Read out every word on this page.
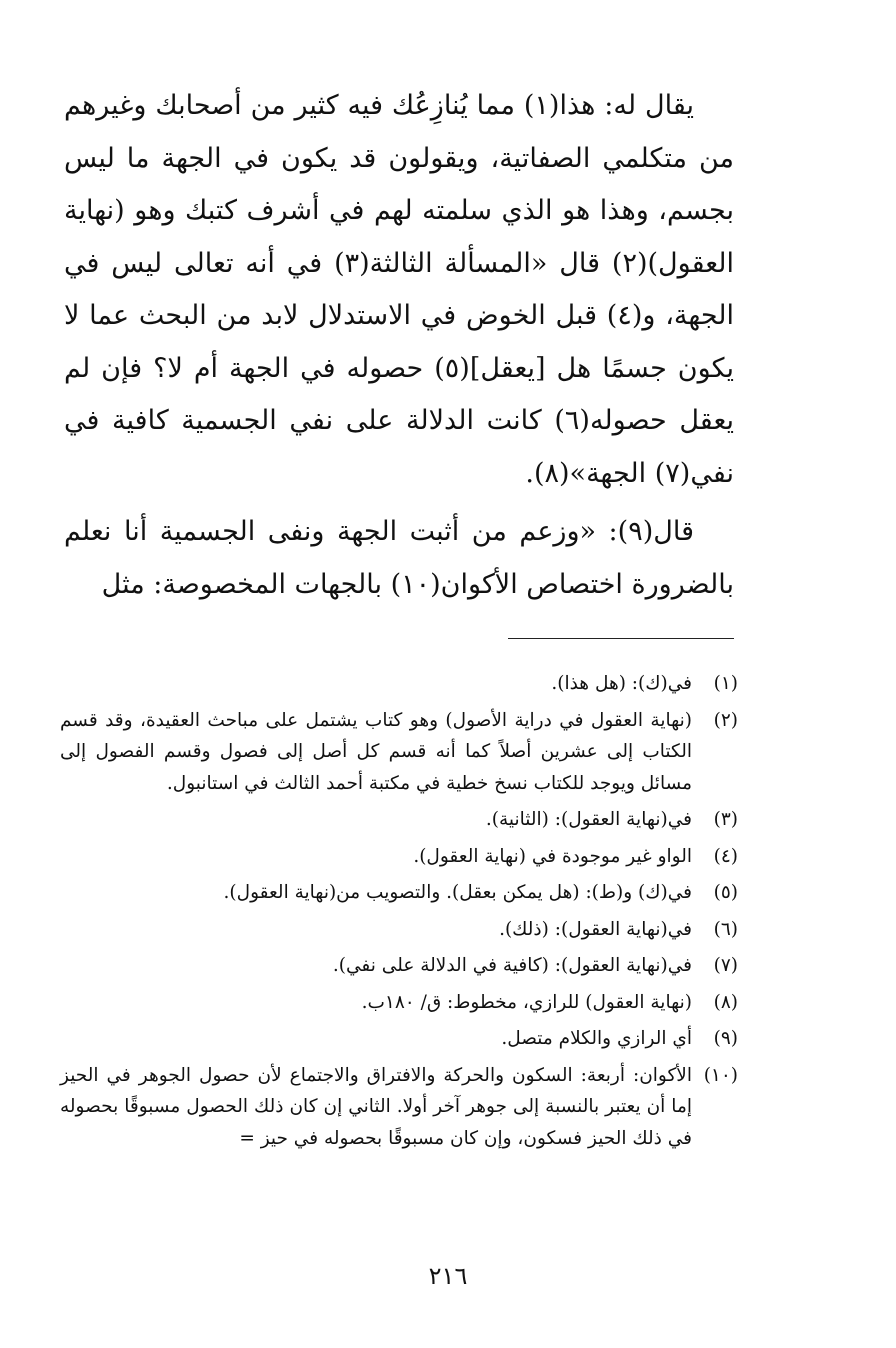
يقال له: هذا(١) مما يُنازِعُك فيه كثير من أصحابك وغيرهم من متكلمي الصفاتية، ويقولون قد يكون في الجهة ما ليس بجسم، وهذا هو الذي سلمته لهم في أشرف كتبك وهو (نهاية العقول)(٢) قال «المسألة الثالثة(٣) في أنه تعالى ليس في الجهة، و(٤) قبل الخوض في الاستدلال لابد من البحث عما لا يكون جسمًا هل [يعقل](٥) حصوله في الجهة أم لا؟ فإن لم يعقل حصوله(٦) كانت الدلالة على نفي الجسمية كافية في نفي(٧) الجهة»(٨).

قال(٩): «وزعم من أثبت الجهة ونفى الجسمية أنا نعلم بالضرورة اختصاص الأكوان(١٠) بالجهات المخصوصة: مثل

(١)
في(ك): (هل هذا).
(٢)
(نهاية العقول في دراية الأصول) وهو كتاب يشتمل على مباحث العقيدة، وقد قسم الكتاب إلى عشرين أصلاً كما أنه قسم كل أصل إلى فصول وقسم الفصول إلى مسائل ويوجد للكتاب نسخ خطية في مكتبة أحمد الثالث في استانبول.
(٣)
في(نهاية العقول): (الثانية).
(٤)
الواو غير موجودة في (نهاية العقول).
(٥)
في(ك) و(ط): (هل يمكن بعقل). والتصويب من(نهاية العقول).
(٦)
في(نهاية العقول): (ذلك).
(٧)
في(نهاية العقول): (كافية في الدلالة على نفي).
(٨)
(نهاية العقول) للرازي، مخطوط: ق/ ١٨٠ب.
(٩)
أي الرازي والكلام متصل.
(١٠)
الأكوان: أربعة: السكون والحركة والافتراق والاجتماع لأن حصول الجوهر في الحيز إما أن يعتبر بالنسبة إلى جوهر آخر أولا. الثاني إن كان ذلك الحصول مسبوقًا بحصوله في ذلك الحيز فسكون، وإن كان مسبوقًا بحصوله في حيز =
٢١٦
